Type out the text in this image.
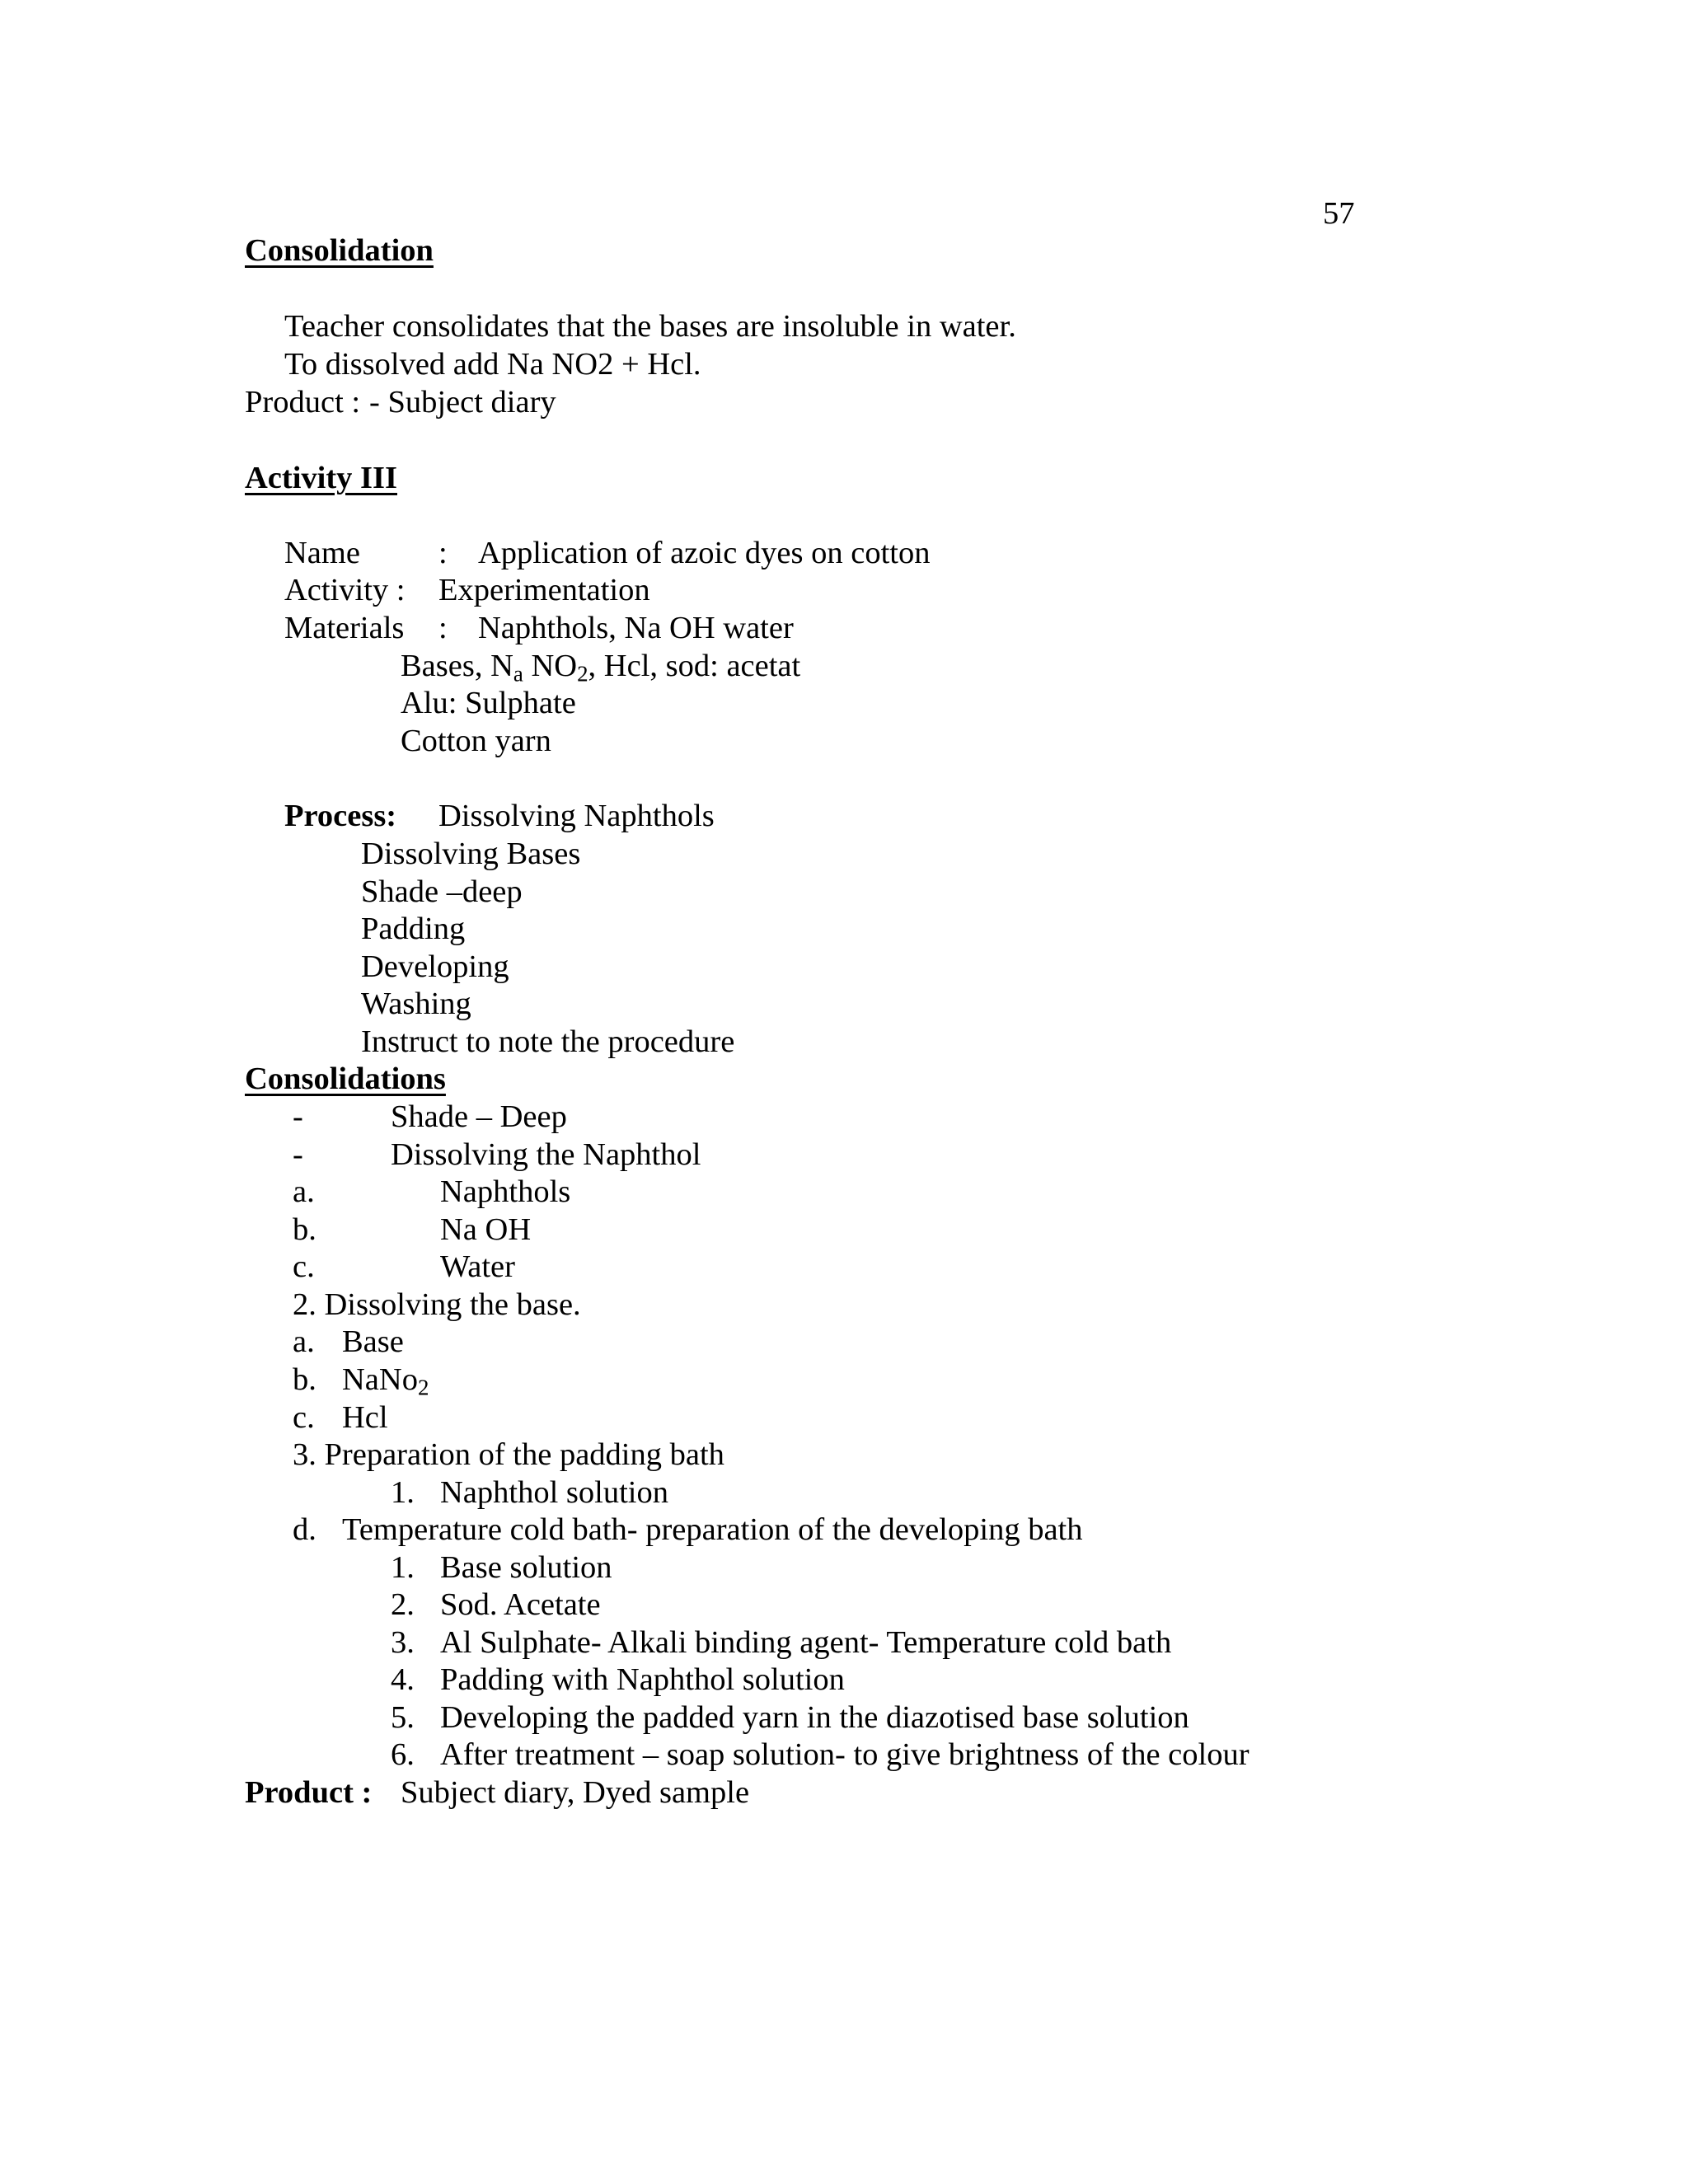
57
Consolidation
Teacher consolidates that the bases are insoluble in water.
To dissolved add Na NO2 + Hcl.
Product : - Subject diary
Activity III
Name : Application of azoic dyes on cotton
Activity : Experimentation
Materials : Naphthols, Na OH water
Bases, $N_a$ $NO_2$, Hcl, sod: acetat
Alu: Sulphate
Cotton yarn
Process: Dissolving Naphthols
Dissolving Bases
Shade –deep
Padding
Developing
Washing
Instruct to note the procedure
Consolidations
-	Shade – Deep
-	Dissolving the Naphthol
a.	Naphthols
b.	Na OH
c.	Water
2. Dissolving the base.
a. Base
b. NaNo$_2$
c. Hcl
3. Preparation of the padding bath
1. Naphthol solution
d. Temperature cold bath- preparation of the developing bath
1. Base solution
2. Sod. Acetate
3. Al Sulphate- Alkali binding agent- Temperature cold bath
4. Padding with Naphthol solution
5. Developing the padded yarn in the diazotised base solution
6. After treatment – soap solution- to give brightness of the colour
Product : Subject diary, Dyed sample
